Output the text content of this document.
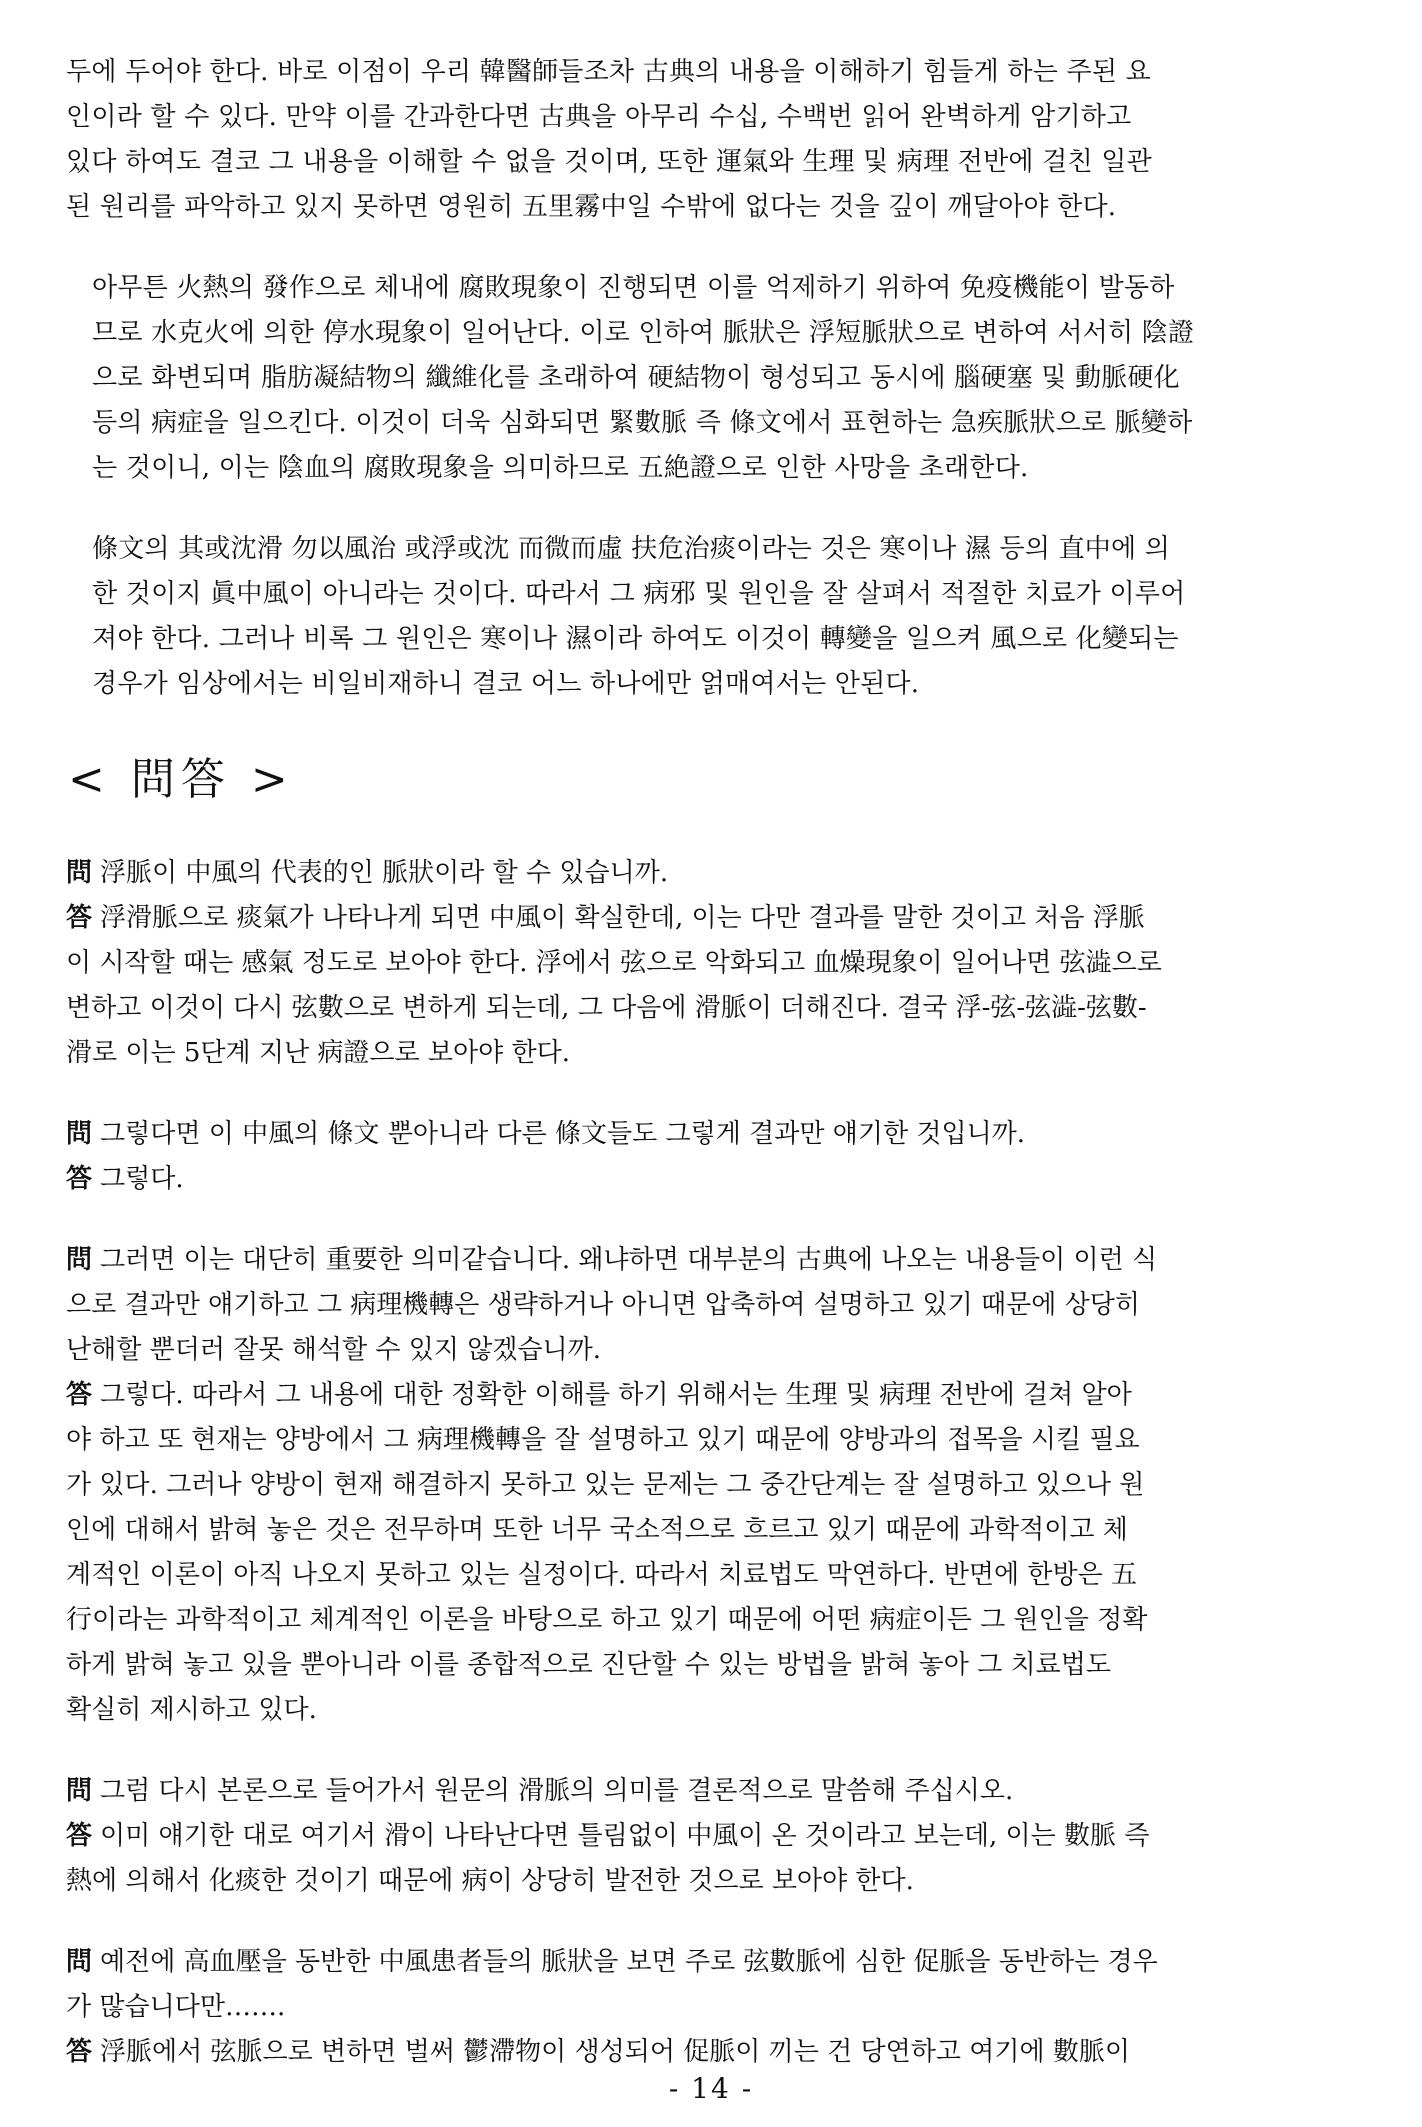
두에 두어야 한다. 바로 이점이 우리 韓醫師들조차 古典의 내용을 이해하기 힘들게 하는 주된 요
인이라 할 수 있다. 만약 이를 간과한다면 古典을 아무리 수십, 수백번 읽어 완벽하게 암기하고
있다 하여도 결코 그 내용을 이해할 수 없을 것이며, 또한 運氣와 生理 및 病理 전반에 걸친 일관
된 원리를 파악하고 있지 못하면 영원히 五里霧中일 수밖에 없다는 것을 깊이 깨달아야 한다.

아무튼 火熱의 發作으로 체내에 腐敗現象이 진행되면 이를 억제하기 위하여 免疫機能이 발동하
므로 水克火에 의한 停水現象이 일어난다. 이로 인하여 脈狀은 浮短脈狀으로 변하여 서서히 陰證
으로 화변되며 脂肪凝結物의 纖維化를 초래하여 硬結物이 형성되고 동시에 腦硬塞 및 動脈硬化
등의 病症을 일으킨다. 이것이 더욱 심화되면 緊數脈 즉 條文에서 표현하는 急疾脈狀으로 脈變하
는 것이니, 이는 陰血의 腐敗現象을 의미하므로 五絶證으로 인한 사망을 초래한다.

條文의 其或沈滑 勿以風治 或浮或沈 而微而虛 扶危治痰이라는 것은 寒이나 濕 등의 直中에 의
한 것이지 眞中風이 아니라는 것이다. 따라서 그 病邪 및 원인을 잘 살펴서 적절한 치료가 이루어
져야 한다. 그러나 비록 그 원인은 寒이나 濕이라 하여도 이것이 轉變을 일으켜 風으로 化變되는
경우가 임상에서는 비일비재하니 결코 어느 하나에만 얽매여서는 안된다.

< 問答 >
問 浮脈이 中風의 代表的인 脈狀이라 할 수 있습니까.
答 浮滑脈으로 痰氣가 나타나게 되면 中風이 확실한데, 이는 다만 결과를 말한 것이고 처음 浮脈
이 시작할 때는 感氣 정도로 보아야 한다. 浮에서 弦으로 악화되고 血燥現象이 일어나면 弦澁으로
변하고 이것이 다시 弦數으로 변하게 되는데, 그 다음에 滑脈이 더해진다. 결국 浮-弦-弦澁-弦數-
滑로 이는 5단계 지난 病證으로 보아야 한다.
問 그렇다면 이 中風의 條文 뿐아니라 다른 條文들도 그렇게 결과만 얘기한 것입니까.
答 그렇다.
問 그러면 이는 대단히 重要한 의미같습니다. 왜냐하면 대부분의 古典에 나오는 내용들이 이런 식
으로 결과만 얘기하고 그 病理機轉은 생략하거나 아니면 압축하여 설명하고 있기 때문에 상당히
난해할 뿐더러 잘못 해석할 수 있지 않겠습니까.
答 그렇다. 따라서 그 내용에 대한 정확한 이해를 하기 위해서는 生理 및 病理 전반에 걸쳐 알아
야 하고 또 현재는 양방에서 그 病理機轉을 잘 설명하고 있기 때문에 양방과의 접목을 시킬 필요
가 있다. 그러나 양방이 현재 해결하지 못하고 있는 문제는 그 중간단계는 잘 설명하고 있으나 원
인에 대해서 밝혀 놓은 것은 전무하며 또한 너무 국소적으로 흐르고 있기 때문에 과학적이고 체
계적인 이론이 아직 나오지 못하고 있는 실정이다. 따라서 치료법도 막연하다. 반면에 한방은 五
行이라는 과학적이고 체계적인 이론을 바탕으로 하고 있기 때문에 어떤 病症이든 그 원인을 정확
하게 밝혀 놓고 있을 뿐아니라 이를 종합적으로 진단할 수 있는 방법을 밝혀 놓아 그 치료법도
확실히 제시하고 있다.
問 그럼 다시 본론으로 들어가서 원문의 滑脈의 의미를 결론적으로 말씀해 주십시오.
答 이미 얘기한 대로 여기서 滑이 나타난다면 틀림없이 中風이 온 것이라고 보는데, 이는 數脈 즉
熱에 의해서 化痰한 것이기 때문에 病이 상당히 발전한 것으로 보아야 한다.
問 예전에 高血壓을 동반한 中風患者들의 脈狀을 보면 주로 弦數脈에 심한 促脈을 동반하는 경우
가 많습니다만…….
答 浮脈에서 弦脈으로 변하면 벌써 鬱滯物이 생성되어 促脈이 끼는 건 당연하고 여기에 數脈이
- 14 -
